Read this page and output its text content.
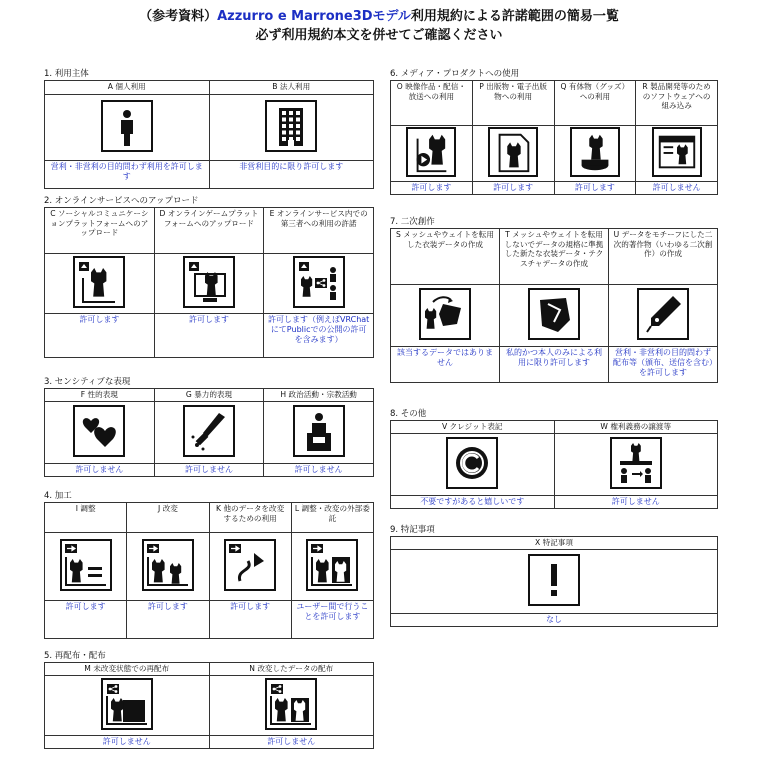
（参考資料）Azzurro e Marrone3Dモデル利用規約による許諾範囲の簡易一覧
必ず利用規約本文を併せてご確認ください
1. 利用主体
A 個人利用	B 法人利用

営利・非営利の目的問わず利用を許可します	非営利目的に限り許可します
2. オンラインサービスへのアップロード
C ソーシャルコミュニケーションプラットフォームへのアップロード	D オンラインゲームプラットフォームへのアップロード	E オンラインサービス内での第三者への利用の許諾

許可します	許可します	許可します（例えばVRChatにてPublicでの公開の許可を含みます）
3. センシティブな表現
F 性的表現	G 暴力的表現	H 政治活動・宗教活動

許可しません	許可しません	許可しません
4. 加工
I 調整	J 改変	K 他のデータを改変するための利用	L 調整・改変の外部委託

許可します	許可します	許可します	ユーザー間で行うことを許可します
5. 再配布・配布
M 未改変状態での再配布	N 改変したデータの配布

許可しません	許可しません
6. メディア・プロダクトへの使用
O 映像作品・配信・放送への利用	P 出版物・電子出版物への利用	Q 有体物（グッズ）への利用	R 製品開発等のためのソフトウェアへの組み込み

許可します	許可します	許可します	許可しません
7. 二次創作
S メッシュやウェイトを転用した衣装データの作成	T メッシュやウェイトを転用しないでデータの規格に準拠した新たな衣装データ・テクスチャデータの作成	U データをモチーフにした二次的著作物（いわゆる二次創作）の作成

該当するデータではありません	私的かつ本人のみによる利用に限り許可します	営利・非営利の目的問わず配布等（頒布、送信を含む）を許可します
8. その他
V クレジット表記	W 権利義務の譲渡等

不要ですがあると嬉しいです	許可しません
9. 特記事項
X 特記事項

なし
